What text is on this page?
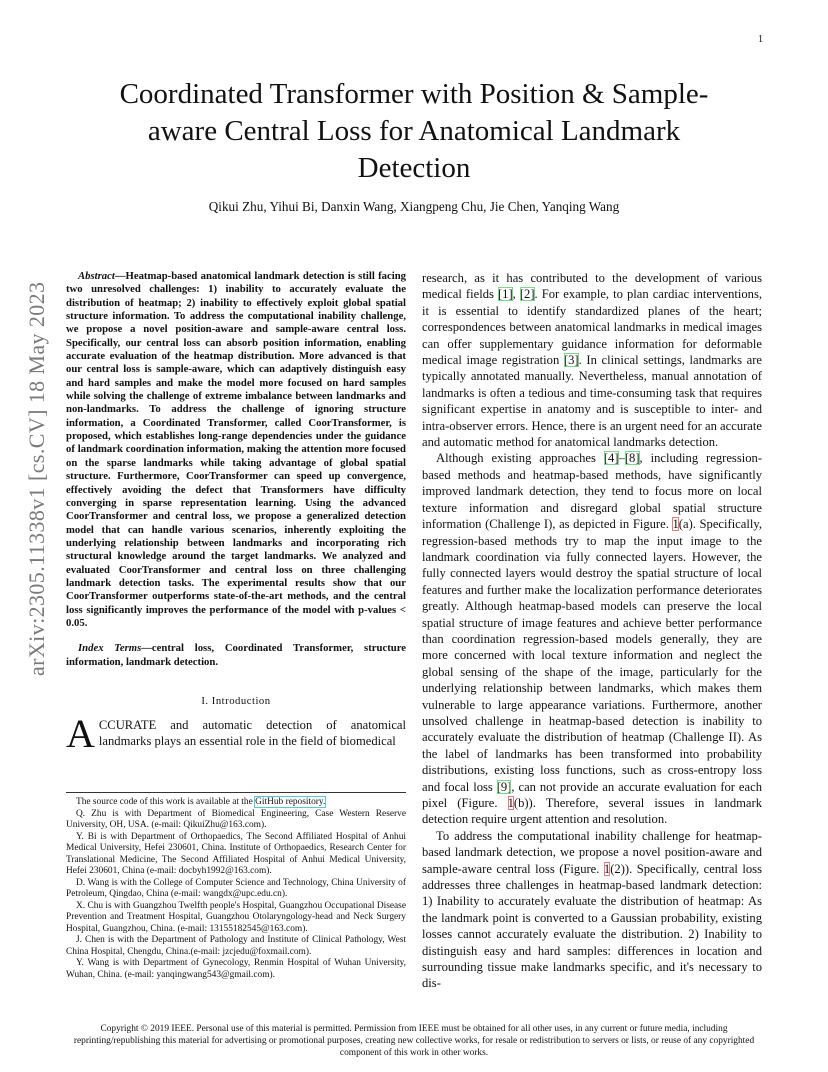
1
arXiv:2305.11338v1 [cs.CV] 18 May 2023
Coordinated Transformer with Position & Sample-aware Central Loss for Anatomical Landmark Detection
Qikui Zhu, Yihui Bi, Danxin Wang, Xiangpeng Chu, Jie Chen, Yanqing Wang

Abstract—Heatmap-based anatomical landmark detection is still facing two unresolved challenges: 1) inability to accurately evaluate the distribution of heatmap; 2) inability to effectively exploit global spatial structure information. To address the computational inability challenge, we propose a novel position-aware and sample-aware central loss. Specifically, our central loss can absorb position information, enabling accurate evaluation of the heatmap distribution. More advanced is that our central loss is sample-aware, which can adaptively distinguish easy and hard samples and make the model more focused on hard samples while solving the challenge of extreme imbalance between landmarks and non-landmarks. To address the challenge of ignoring structure information, a Coordinated Transformer, called CoorTransformer, is proposed, which establishes long-range dependencies under the guidance of landmark coordination information, making the attention more focused on the sparse landmarks while taking advantage of global spatial structure. Furthermore, CoorTransformer can speed up convergence, effectively avoiding the defect that Transformers have difficulty converging in sparse representation learning. Using the advanced CoorTransformer and central loss, we propose a generalized detection model that can handle various scenarios, inherently exploiting the underlying relationship between landmarks and incorporating rich structural knowledge around the target landmarks. We analyzed and evaluated CoorTransformer and central loss on three challenging landmark detection tasks. The experimental results show that our CoorTransformer outperforms state-of-the-art methods, and the central loss significantly improves the performance of the model with p-values < 0.05.

Index Terms—central loss, Coordinated Transformer, structure information, landmark detection.

I. Introduction

ACCURATE and automatic detection of anatomical landmarks plays an essential role in the field of biomedical

The source code of this work is available at the GitHub repository.

Q. Zhu is with Department of Biomedical Engineering, Case Western Reserve University, OH, USA. (e-mail: QikuiZhu@163.com).

Y. Bi is with Department of Orthopaedics, The Second Affiliated Hospital of Anhui Medical University, Hefei 230601, China. Institute of Orthopaedics, Research Center for Translational Medicine, The Second Affiliated Hospital of Anhui Medical University, Hefei 230601, China (e-mail: docbyh1992@163.com).

D. Wang is with the College of Computer Science and Technology, China University of Petroleum, Qingdao, China (e-mail: wangdx@upc.edu.cn).

X. Chu is with Guangzhou Twelfth people's Hospital, Guangzhou Occupational Disease Prevention and Treatment Hospital, Guangzhou Otolaryngology-head and Neck Surgery Hospital, Guangzhou, China. (e-mail: 13155182545@163.com).

J. Chen is with the Department of Pathology and Institute of Clinical Pathology, West China Hospital, Chengdu, China.(e-mail: jzcjedu@foxmail.com).

Y. Wang is with Department of Gynecology, Renmin Hospital of Wuhan University, Wuhan, China. (e-mail: yanqingwang543@gmail.com).

research, as it has contributed to the development of various medical fields [1], [2]. For example, to plan cardiac interventions, it is essential to identify standardized planes of the heart; correspondences between anatomical landmarks in medical images can offer supplementary guidance information for deformable medical image registration [3]. In clinical settings, landmarks are typically annotated manually. Nevertheless, manual annotation of landmarks is often a tedious and time-consuming task that requires significant expertise in anatomy and is susceptible to inter- and intra-observer errors. Hence, there is an urgent need for an accurate and automatic method for anatomical landmarks detection.

Although existing approaches [4]–[8], including regression-based methods and heatmap-based methods, have significantly improved landmark detection, they tend to focus more on local texture information and disregard global spatial structure information (Challenge I), as depicted in Figure. 1(a). Specifically, regression-based methods try to map the input image to the landmark coordination via fully connected layers. However, the fully connected layers would destroy the spatial structure of local features and further make the localization performance deteriorates greatly. Although heatmap-based models can preserve the local spatial structure of image features and achieve better performance than coordination regression-based models generally, they are more concerned with local texture information and neglect the global sensing of the shape of the image, particularly for the underlying relationship between landmarks, which makes them vulnerable to large appearance variations. Furthermore, another unsolved challenge in heatmap-based detection is inability to accurately evaluate the distribution of heatmap (Challenge II). As the label of landmarks has been transformed into probability distributions, existing loss functions, such as cross-entropy loss and focal loss [9], can not provide an accurate evaluation for each pixel (Figure. 1(b)). Therefore, several issues in landmark detection require urgent attention and resolution.

To address the computational inability challenge for heatmap-based landmark detection, we propose a novel position-aware and sample-aware central loss (Figure. 1(2)). Specifically, central loss addresses three challenges in heatmap-based landmark detection: 1) Inability to accurately evaluate the distribution of heatmap: As the landmark point is converted to a Gaussian probability, existing losses cannot accurately evaluate the distribution. 2) Inability to distinguish easy and hard samples: differences in location and surrounding tissue make landmarks specific, and it's necessary to dis-

Copyright © 2019 IEEE. Personal use of this material is permitted. Permission from IEEE must be obtained for all other uses, in any current or future media, including reprinting/republishing this material for advertising or promotional purposes, creating new collective works, for resale or redistribution to servers or lists, or reuse of any copyrighted component of this work in other works.
